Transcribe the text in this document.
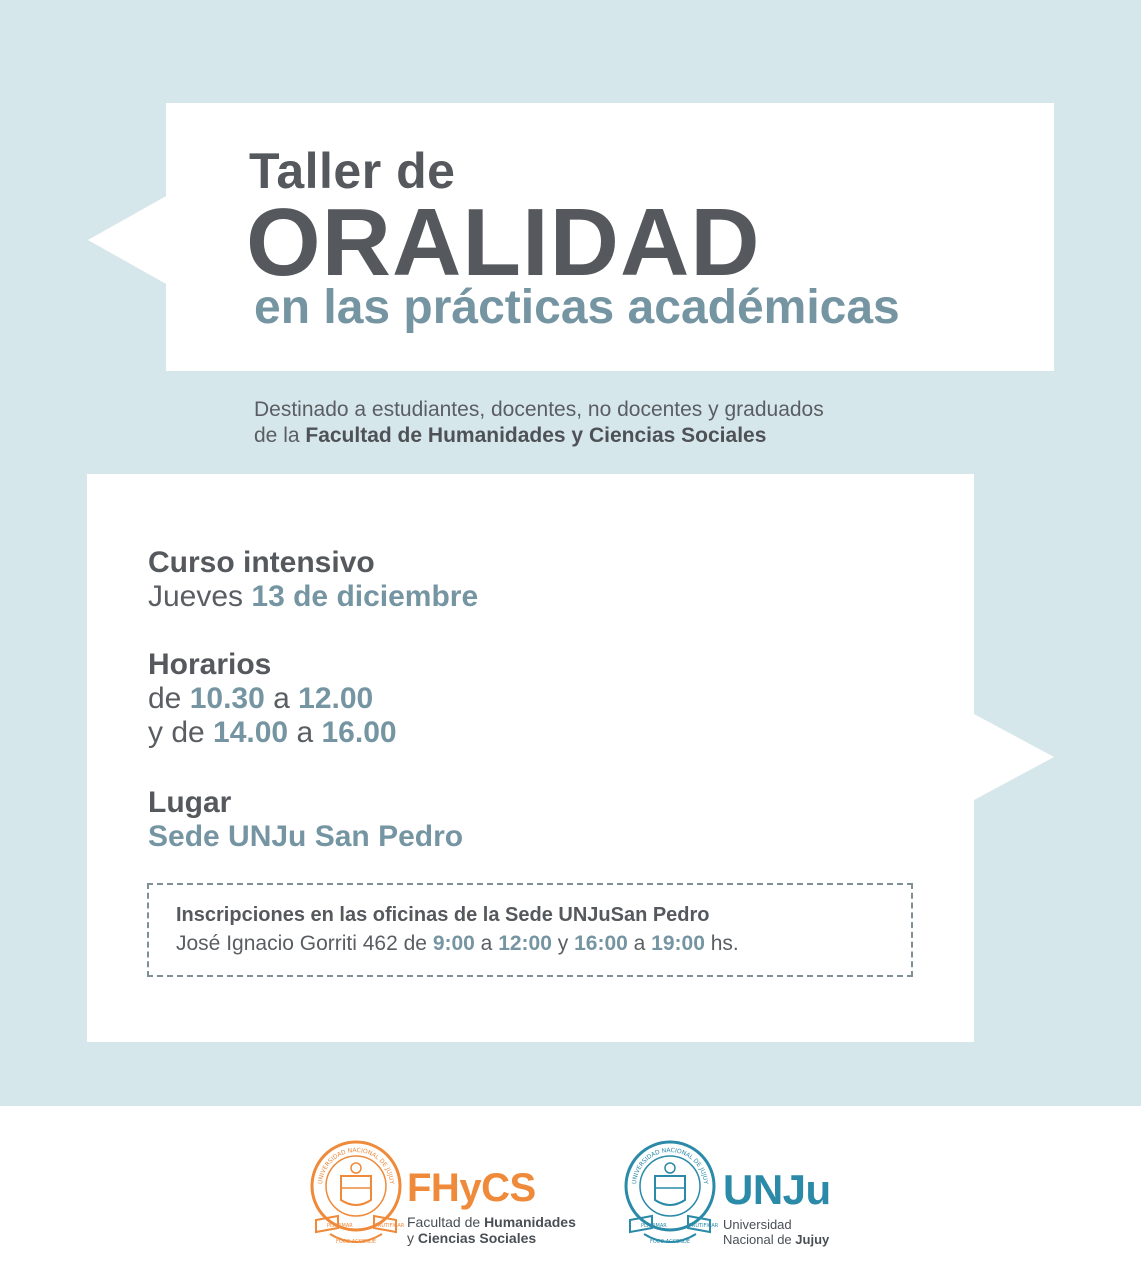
Taller de
ORALIDAD
en las prácticas académicas
Destinado a estudiantes, docentes, no docentes y graduados
de la Facultad de Humanidades y Ciencias Sociales
Curso intensivo
Jueves 13 de diciembre
Horarios
de 10.30 a 12.00
y de 14.00 a 16.00
Lugar
Sede UNJu San Pedro
Inscripciones en las oficinas de la Sede UNJuSan Pedro
José Ignacio Gorriti 462 de 9:00 a 12:00 y 16:00 a 19:00 hs.
PLANIMAR	FRUTIFICAR
FOCO ACCENDE
UNIVERSIDAD NACIONAL DE JUJUY FHyCS
Facultad de Humanidades
y Ciencias Sociales
PLANIMAR	FRUTIFICAR
FOCO ACCENDE
UNIVERSIDAD NACIONAL DE JUJUY UNJu
Universidad
Nacional de Jujuy
